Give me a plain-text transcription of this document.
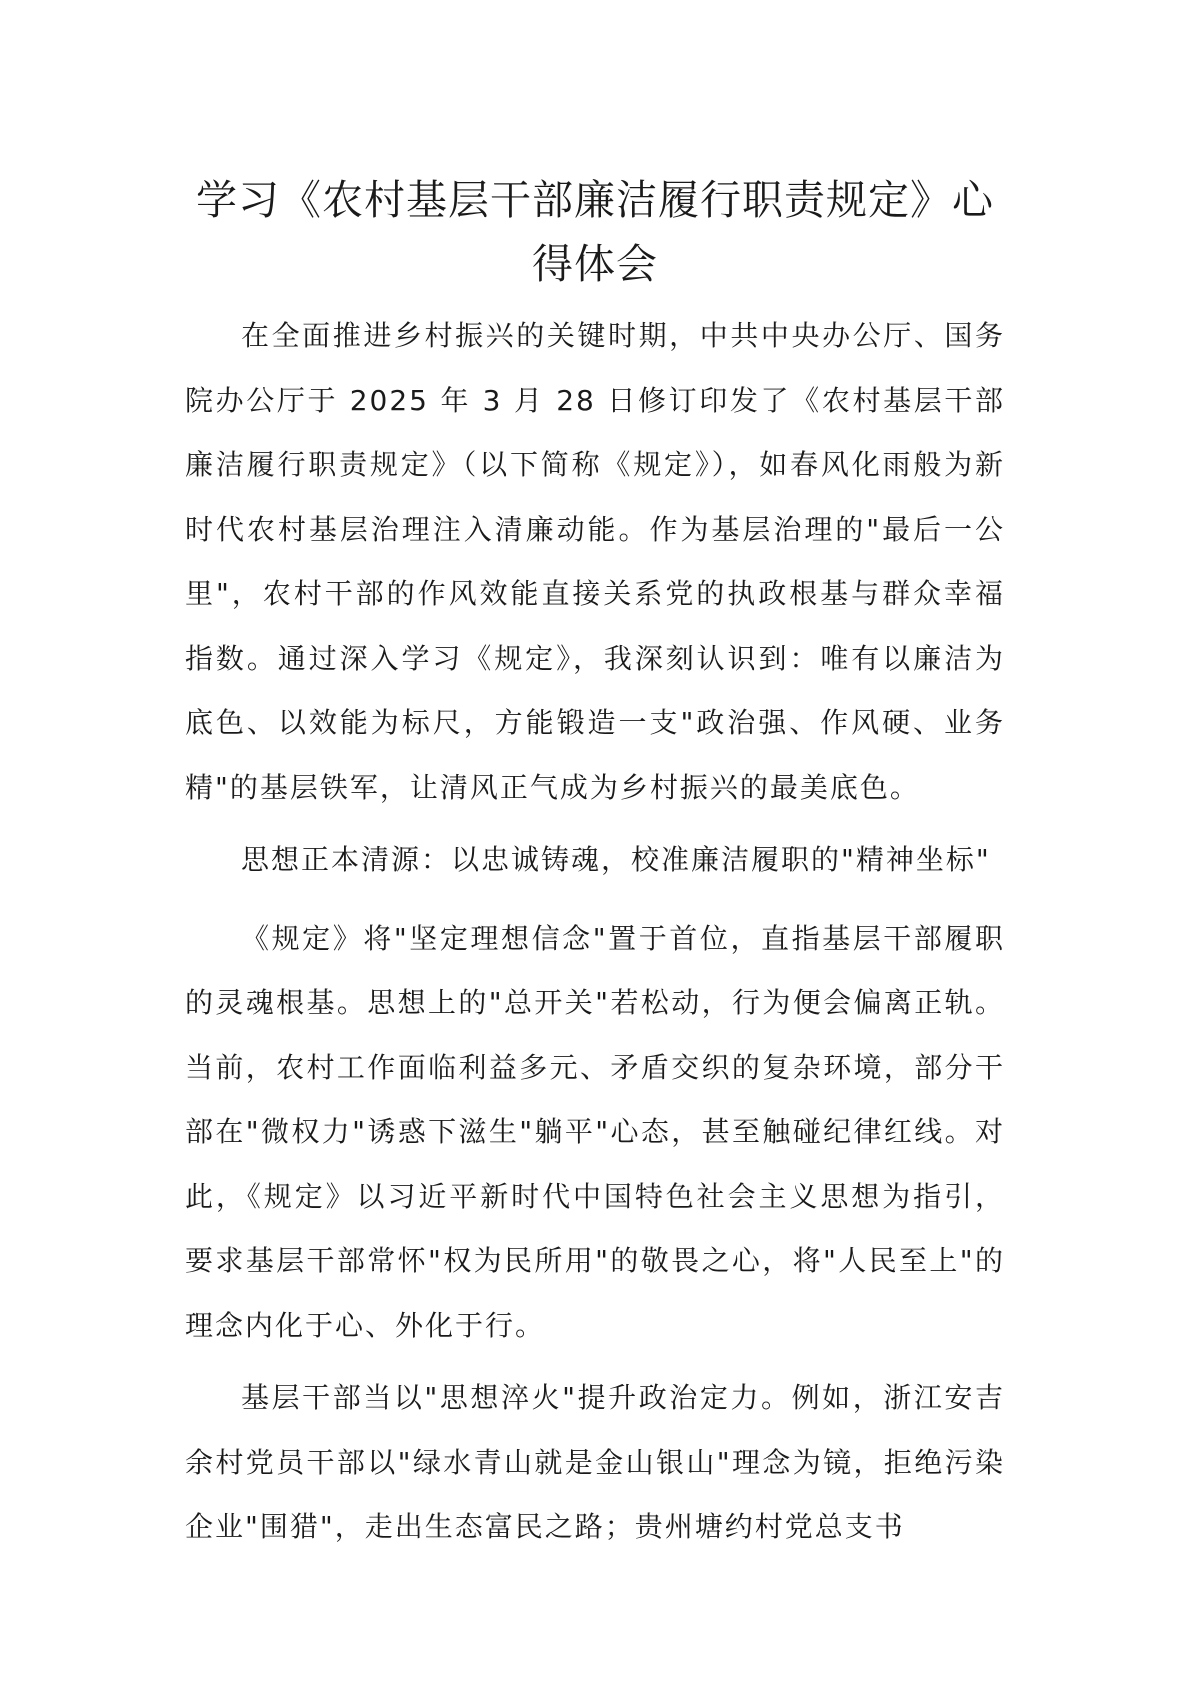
学习《农村基层干部廉洁履行职责规定》心得体会

在全面推进乡村振兴的关键时期，中共中央办公厅、国务院办公厅于 2025 年 3 月 28 日修订印发了《农村基层干部廉洁履行职责规定》（以下简称《规定》），如春风化雨般为新时代农村基层治理注入清廉动能。作为基层治理的"最后一公里"，农村干部的作风效能直接关系党的执政根基与群众幸福指数。通过深入学习《规定》，我深刻认识到：唯有以廉洁为底色、以效能为标尺，方能锻造一支"政治强、作风硬、业务精"的基层铁军，让清风正气成为乡村振兴的最美底色。

思想正本清源：以忠诚铸魂，校准廉洁履职的"精神坐标"

《规定》将"坚定理想信念"置于首位，直指基层干部履职的灵魂根基。思想上的"总开关"若松动，行为便会偏离正轨。当前，农村工作面临利益多元、矛盾交织的复杂环境，部分干部在"微权力"诱惑下滋生"躺平"心态，甚至触碰纪律红线。对此，《规定》以习近平新时代中国特色社会主义思想为指引，要求基层干部常怀"权为民所用"的敬畏之心，将"人民至上"的理念内化于心、外化于行。

基层干部当以"思想淬火"提升政治定力。例如，浙江安吉余村党员干部以"绿水青山就是金山银山"理念为镜，拒绝污染企业"围猎"，走出生态富民之路；贵州塘约村党总支书
